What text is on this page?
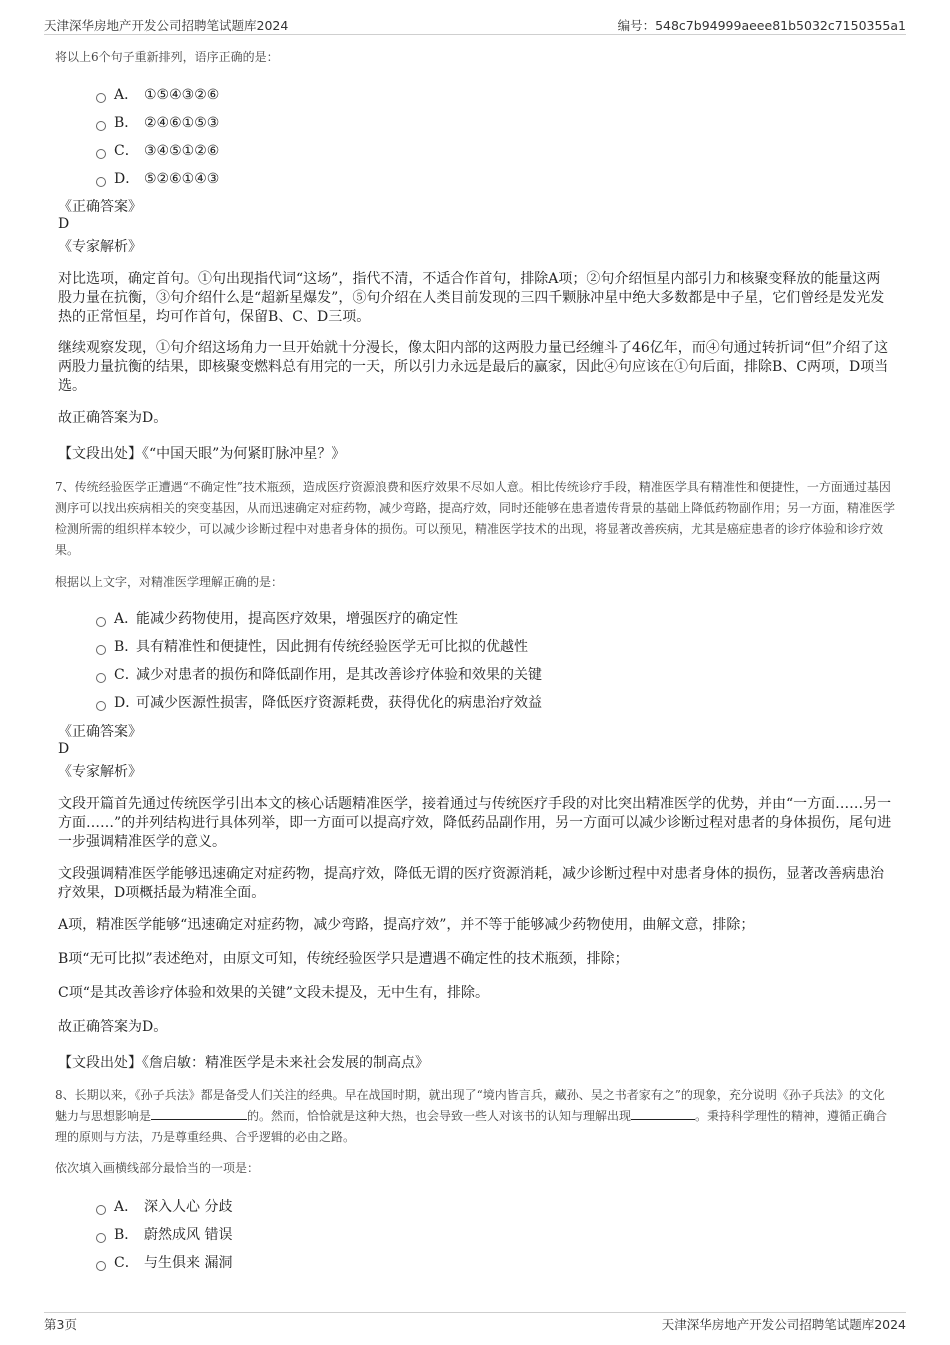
天津深华房地产开发公司招聘笔试题库2024	编号：548c7b94999aeee81b5032c7150355a1
将以上6个句子重新排列，语序正确的是：
A． ①⑤④③②⑥
B． ②④⑥①⑤③
C． ③④⑤①②⑥
D． ⑤②⑥①④③
《正确答案》
D
《专家解析》
对比选项，确定首句。①句出现指代词“这场”，指代不清，不适合作首句，排除A项；②句介绍恒星内部引力和核聚变释放的能量这两股力量在抗衡，③句介绍什么是“超新星爆发”，⑤句介绍在人类目前发现的三四千颗脉冲星中绝大多数都是中子星，它们曾经是发光发热的正常恒星，均可作首句，保留B、C、D三项。
继续观察发现，①句介绍这场角力一旦开始就十分漫长，像太阳内部的这两股力量已经缠斗了46亿年，而④句通过转折词“但”介绍了这两股力量抗衡的结果，即核聚变燃料总有用完的一天，所以引力永远是最后的赢家，因此④句应该在①句后面，排除B、C两项，D项当选。
故正确答案为D。
【文段出处】《“中国天眼”为何紧盯脉冲星？》
7、传统经验医学正遭遇“不确定性”技术瓶颈，造成医疗资源浪费和医疗效果不尽如人意。相比传统诊疗手段，精准医学具有精准性和便捷性，一方面通过基因测序可以找出疾病相关的突变基因，从而迅速确定对症药物，减少弯路，提高疗效，同时还能够在患者遗传背景的基础上降低药物副作用；另一方面，精准医学检测所需的组织样本较少，可以减少诊断过程中对患者身体的损伤。可以预见，精准医学技术的出现，将显著改善疾病，尤其是癌症患者的诊疗体验和诊疗效果。
根据以上文字，对精准医学理解正确的是：
A．能减少药物使用，提高医疗效果，增强医疗的确定性
B．具有精准性和便捷性，因此拥有传统经验医学无可比拟的优越性
C．减少对患者的损伤和降低副作用，是其改善诊疗体验和效果的关键
D．可减少医源性损害，降低医疗资源耗费，获得优化的病患治疗效益
《正确答案》
D
《专家解析》
文段开篇首先通过传统医学引出本文的核心话题精准医学，接着通过与传统医疗手段的对比突出精准医学的优势，并由“一方面……另一方面……”的并列结构进行具体列举，即一方面可以提高疗效，降低药品副作用，另一方面可以减少诊断过程对患者的身体损伤，尾句进一步强调精准医学的意义。
文段强调精准医学能够迅速确定对症药物，提高疗效，降低无谓的医疗资源消耗，减少诊断过程中对患者身体的损伤，显著改善病患治疗效果，D项概括最为精准全面。
A项，精准医学能够“迅速确定对症药物，减少弯路，提高疗效”，并不等于能够减少药物使用，曲解文意，排除；
B项“无可比拟”表述绝对，由原文可知，传统经验医学只是遭遇不确定性的技术瓶颈，排除；
C项“是其改善诊疗体验和效果的关键”文段未提及，无中生有，排除。
故正确答案为D。
【文段出处】《詹启敏：精准医学是未来社会发展的制高点》
8、长期以来，《孙子兵法》都是备受人们关注的经典。早在战国时期，就出现了“境内皆言兵，藏孙、吴之书者家有之”的现象，充分说明《孙子兵法》的文化魅力与思想影响是	的。然而，恰恰就是这种大热，也会导致一些人对该书的认知与理解出现	。秉持科学理性的精神，遵循正确合理的原则与方法，乃是尊重经典、合乎逻辑的必由之路。
依次填入画横线部分最恰当的一项是：
A． 深入人心 分歧
B． 蔚然成风 错误
C． 与生俱来 漏洞
第3页	天津深华房地产开发公司招聘笔试题库2024
